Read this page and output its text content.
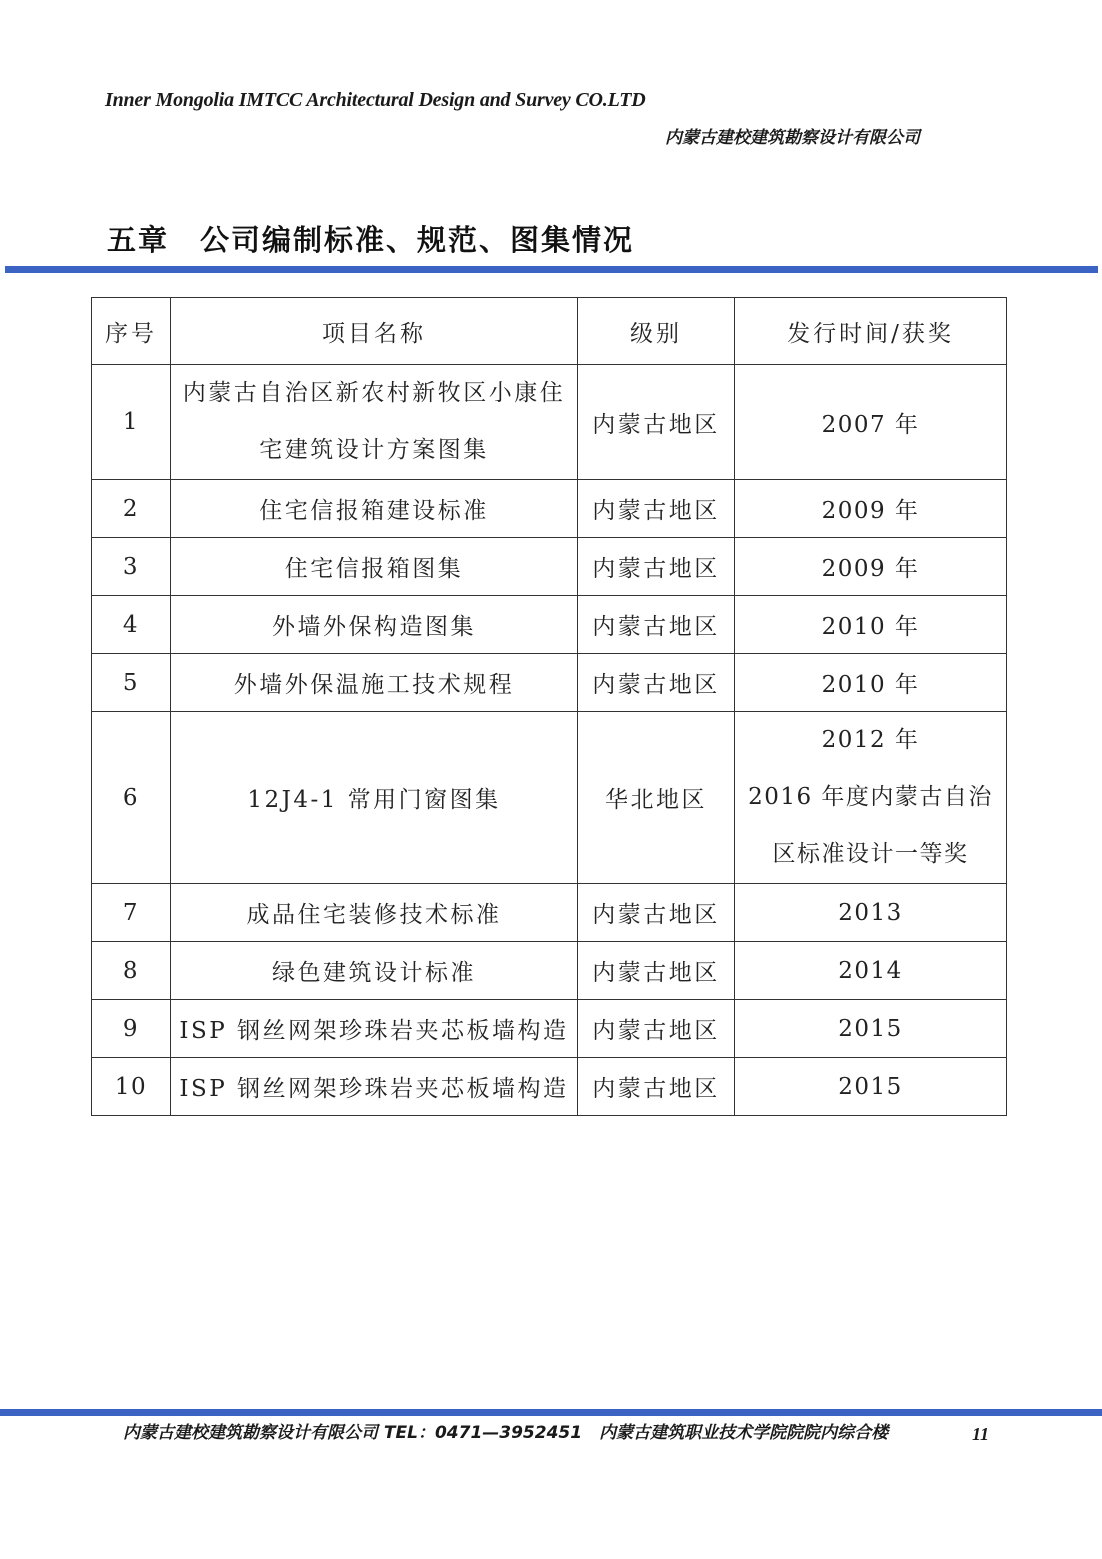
Inner Mongolia IMTCC Architectural Design and Survey CO.LTD
内蒙古建校建筑勘察设计有限公司
五章　公司编制标准、规范、图集情况
序号	项目名称	级别	发行时间/获奖
1	内蒙古自治区新农村新牧区小康住
宅建筑设计方案图集	内蒙古地区	2007 年

2	住宅信报箱建设标准	内蒙古地区	2009 年

3	住宅信报箱图集	内蒙古地区	2009 年

4	外墙外保构造图集	内蒙古地区	2010 年

5	外墙外保温施工技术规程	内蒙古地区	2010 年

6	12J4-1 常用门窗图集	华北地区	2012 年
2016 年度内蒙古自治
区标准设计一等奖

7	成品住宅装修技术标准	内蒙古地区	2013

8	绿色建筑设计标准	内蒙古地区	2014

9	ISP 钢丝网架珍珠岩夹芯板墙构造	内蒙古地区	2015

10	ISP 钢丝网架珍珠岩夹芯板墙构造	内蒙古地区	2015
内蒙古建校建筑勘察设计有限公司 TEL：0471—3952451　内蒙古建筑职业技术学院院院内综合楼	11
